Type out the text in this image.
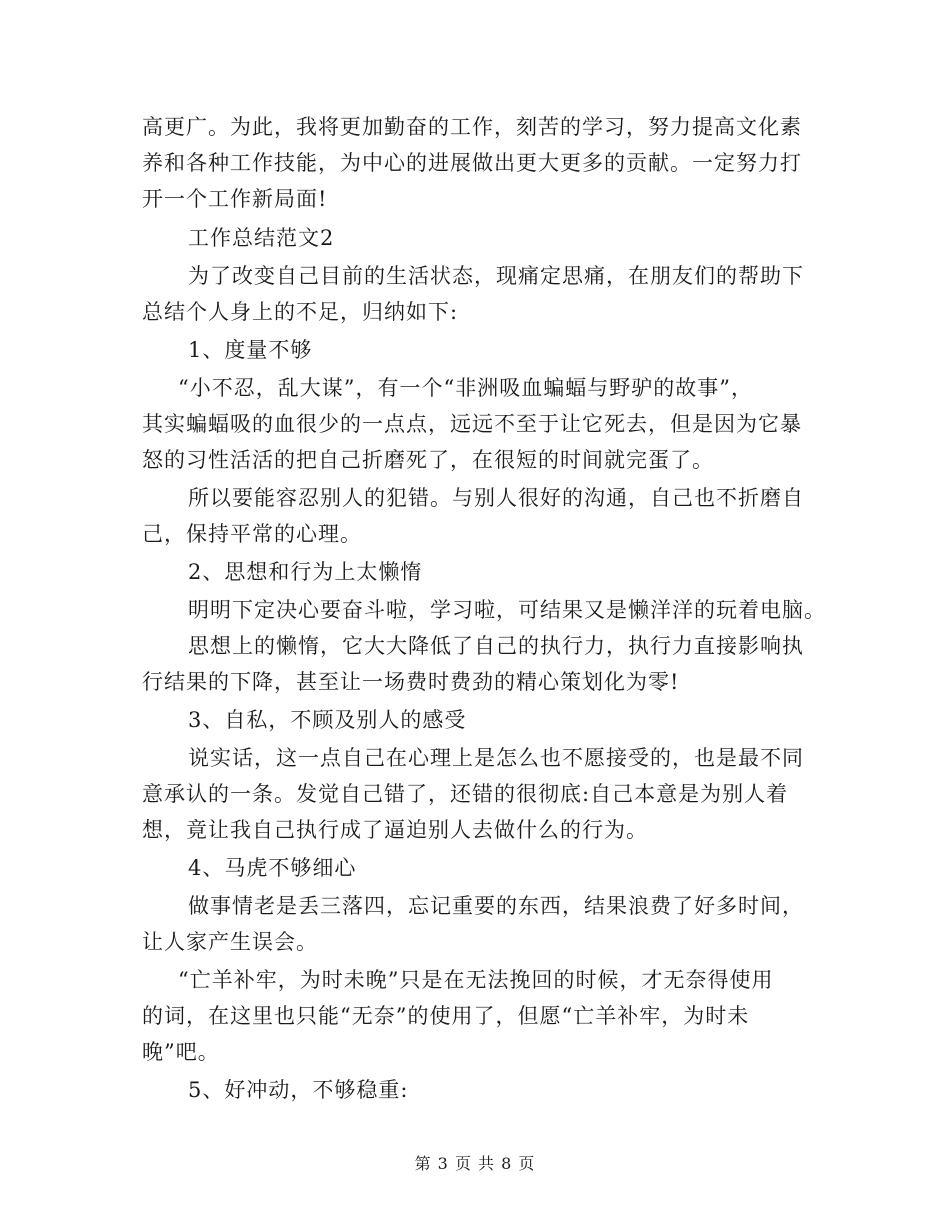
高更广。为此，我将更加勤奋的工作，刻苦的学习，努力提高文化素
养和各种工作技能，为中心的进展做出更大更多的贡献。一定努力打
开一个工作新局面!
工作总结范文2
为了改变自己目前的生活状态，现痛定思痛，在朋友们的帮助下
总结个人身上的不足，归纳如下:
1、度量不够
“小不忍，乱大谋”，有一个“非洲吸血蝙蝠与野驴的故事”，
其实蝙蝠吸的血很少的一点点，远远不至于让它死去，但是因为它暴
怒的习性活活的把自己折磨死了，在很短的时间就完蛋了。
所以要能容忍别人的犯错。与别人很好的沟通，自己也不折磨自
己，保持平常的心理。
2、思想和行为上太懒惰
明明下定决心要奋斗啦，学习啦，可结果又是懒洋洋的玩着电脑。
思想上的懒惰，它大大降低了自己的执行力，执行力直接影响执
行结果的下降，甚至让一场费时费劲的精心策划化为零!
3、自私，不顾及别人的感受
说实话，这一点自己在心理上是怎么也不愿接受的，也是最不同
意承认的一条。发觉自己错了，还错的很彻底:自己本意是为别人着
想，竟让我自己执行成了逼迫别人去做什么的行为。
4、马虎不够细心
做事情老是丢三落四，忘记重要的东西，结果浪费了好多时间，
让人家产生误会。
“亡羊补牢，为时未晚”只是在无法挽回的时候，才无奈得使用
的词，在这里也只能“无奈”的使用了，但愿“亡羊补牢，为时未
晚”吧。
5、好冲动，不够稳重:
第 3 页 共 8 页
